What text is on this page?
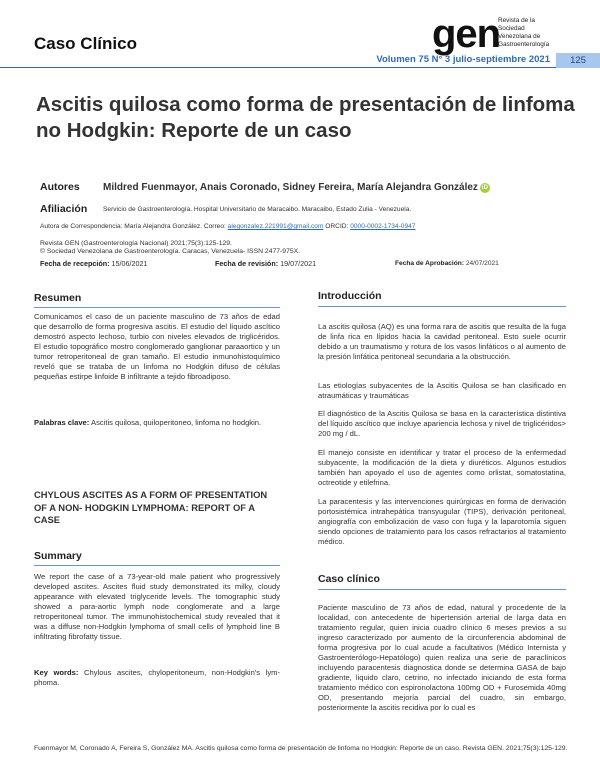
Caso Clínico	gen
Revista de la
Sociedad
Venezolana de
Gastroenterología
Volumen 75 N° 3 julio-septiembre 2021	125
Ascitis quilosa como forma de presentación de linfoma no Hodgkin: Reporte de un caso
Autores Mildred Fuenmayor, Anais Coronado, Sidney Fereira, María Alejandra González iD
Afiliación Servicio de Gastroenterología. Hospital Universitario de Maracaibo. Maracaibo, Estado Zulia - Venezuela.
Autora de Correspondencia: María Alejandra González. Correo: alegonzalez.221991@gmail.com ORCID: 0000-0002-1734-0947
Revista GEN (Gastroenterología Nacional) 2021;75(3):125-129.
© Sociedad Venezolana de Gastroenterología. Caracas, Venezuela- ISSN 2477-975X.
Fecha de recepción: 15/06/2021	Fecha de revisión: 19/07/2021	Fecha de Aprobación: 24/07/2021
Resumen

Comunicamos el caso de un paciente masculino de 73 años de edad que desarrollo de forma progresiva ascitis. El estudio del líquido ascítico demostró aspecto lechoso, turbio con niveles elevados de triglicéridos. El estudio topográfico mostro conglomerado ganglionar paraaortico y un tumor retroperitoneal de gran tamaño. El estudio inmunohistoquímico reveló que se trataba de un linfoma no Hodgkin difuso de células pequeñas estirpe linfoide B infiltrante a tejido fibroadiposo.

Palabras clave: Ascitis quilosa, quiloperitoneo, linfoma no hodgkin.

CHYLOUS ASCITES AS A FORM OF PRESENTATION OF A NON- HODGKIN LYMPHOMA: REPORT OF A CASE
Summary

We report the case of a 73-year-old male patient who progressively developed ascites. Ascites fluid study demonstrated its milky, cloudy appearance with elevated triglyceride levels. The tomographic study showed a para-aortic lymph node conglomerate and a large retroperitoneal tumor. The immunohistochemical study revealed that it was a diffuse non-Hodgkin lymphoma of small cells of lymphoid line B infiltrating fibrofatty tissue.

Key words: Chylous ascites, chyloperitoneum, non-Hodgkin's lym-phoma.

Introducción

La ascitis quilosa (AQ) es una forma rara de ascitis que resulta de la fuga de linfa rica en lípidos hacia la cavidad peritoneal. Esto suele ocurrir debido a un traumatismo y rotura de los vasos linfáticos o al aumento de la presión linfática peritoneal secundaria a la obstrucción.

Las etiologías subyacentes de la Ascitis Quilosa se han clasificado en atraumáticas y traumáticas

El diagnóstico de la Ascitis Quilosa se basa en la característica distintiva del líquido ascítico que incluye apariencia lechosa y nivel de triglicéridos> 200 mg / dL.

El manejo consiste en identificar y tratar el proceso de la enfermedad subyacente, la modificación de la dieta y diuréticos. Algunos estudios también han apoyado el uso de agentes como orlistat, somatostatina, octreotide y etilefrina.

La paracentesis y las intervenciones quirúrgicas en forma de derivación portosistémica intrahepática transyugular (TIPS), derivación peritoneal, angiografía con embolización de vaso con fuga y la laparotomía siguen siendo opciones de tratamiento para los casos refractarios al tratamiento médico.

Caso clínico

Paciente masculino de 73 años de edad, natural y procedente de la localidad, con antecedente de hipertensión arterial de larga data en tratamiento regular, quien inicia cuadro clínico 6 meses previos a su ingreso caracterizado por aumento de la circunferencia abdominal de forma progresiva por lo cual acude a facultativos (Médico Internista y Gastroenterólogo-Hepatólogo) quien realiza una serie de paraclínicos incluyendo paracentesis diagnostica donde se determina GASA de bajo gradiente, liquido claro, cetrino, no infectado iniciando de esta forma tratamiento médico con espironolactona 100mg OD + Furosemida 40mg OD, presentando mejoría parcial del cuadro, sin embargo, posteriormente la ascitis recidiva por lo cual es

Fuenmayor M, Coronado A, Fereira S, González MA. Ascitis quilosa como forma de presentación de linfoma no Hodgkin: Reporte de un caso. Revista GEN. 2021;75(3):125-129.
